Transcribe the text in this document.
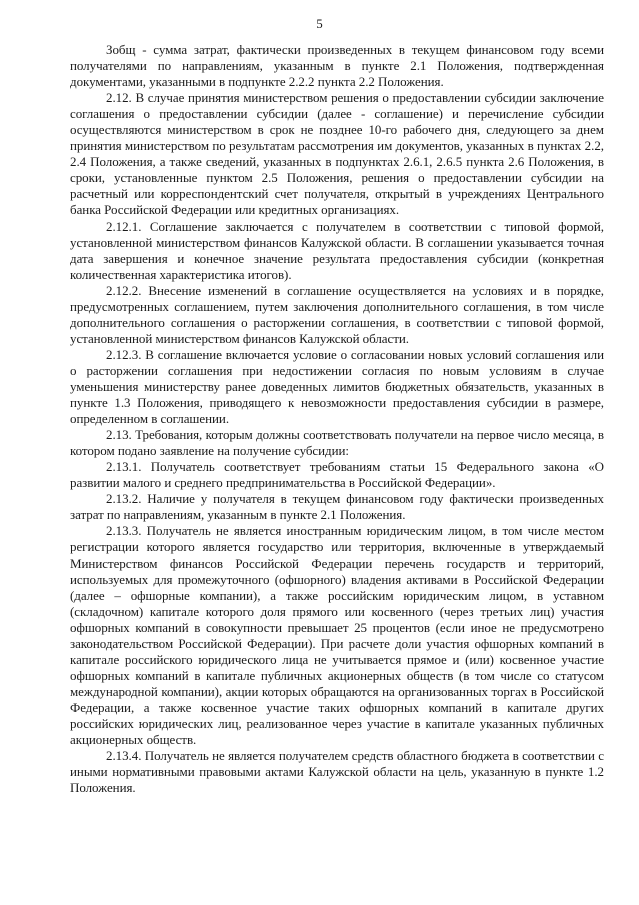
5

Зобщ - сумма затрат, фактически произведенных в текущем финансовом году всеми получателями по направлениям, указанным в пункте 2.1 Положения, подтвержденная документами, указанными в подпункте 2.2.2 пункта 2.2 Положения.

2.12. В случае принятия министерством решения о предоставлении субсидии заключение соглашения о предоставлении субсидии (далее - соглашение) и перечисление субсидии осуществляются министерством в срок не позднее 10-го рабочего дня, следующего за днем принятия министерством по результатам рассмотрения им документов, указанных в пунктах 2.2, 2.4 Положения, а также сведений, указанных в подпунктах 2.6.1, 2.6.5 пункта 2.6 Положения, в сроки, установленные пунктом 2.5 Положения, решения о предоставлении субсидии на расчетный или корреспондентский счет получателя, открытый в учреждениях Центрального банка Российской Федерации или кредитных организациях.

2.12.1. Соглашение заключается с получателем в соответствии с типовой формой, установленной министерством финансов Калужской области. В соглашении указывается точная дата завершения и конечное значение результата предоставления субсидии (конкретная количественная характеристика итогов).

2.12.2. Внесение изменений в соглашение осуществляется на условиях и в порядке, предусмотренных соглашением, путем заключения дополнительного соглашения, в том числе дополнительного соглашения о расторжении соглашения, в соответствии с типовой формой, установленной министерством финансов Калужской области.

2.12.3. В соглашение включается условие о согласовании новых условий соглашения или о расторжении соглашения при недостижении согласия по новым условиям в случае уменьшения министерству ранее доведенных лимитов бюджетных обязательств, указанных в пункте 1.3 Положения, приводящего к невозможности предоставления субсидии в размере, определенном в соглашении.

2.13. Требования, которым должны соответствовать получатели на первое число месяца, в котором подано заявление на получение субсидии:

2.13.1. Получатель соответствует требованиям статьи 15 Федерального закона «О развитии малого и среднего предпринимательства в Российской Федерации».

2.13.2. Наличие у получателя в текущем финансовом году фактически произведенных затрат по направлениям, указанным в пункте 2.1 Положения.

2.13.3. Получатель не является иностранным юридическим лицом, в том числе местом регистрации которого является государство или территория, включенные в утверждаемый Министерством финансов Российской Федерации перечень государств и территорий, используемых для промежуточного (офшорного) владения активами в Российской Федерации (далее – офшорные компании), а также российским юридическим лицом, в уставном (складочном) капитале которого доля прямого или косвенного (через третьих лиц) участия офшорных компаний в совокупности превышает 25 процентов (если иное не предусмотрено законодательством Российской Федерации). При расчете доли участия офшорных компаний в капитале российского юридического лица не учитывается прямое и (или) косвенное участие офшорных компаний в капитале публичных акционерных обществ (в том числе со статусом международной компании), акции которых обращаются на организованных торгах в Российской Федерации, а также косвенное участие таких офшорных компаний в капитале других российских юридических лиц, реализованное через участие в капитале указанных публичных акционерных обществ.

2.13.4. Получатель не является получателем средств областного бюджета в соответствии с иными нормативными правовыми актами Калужской области на цель, указанную в пункте 1.2 Положения.
